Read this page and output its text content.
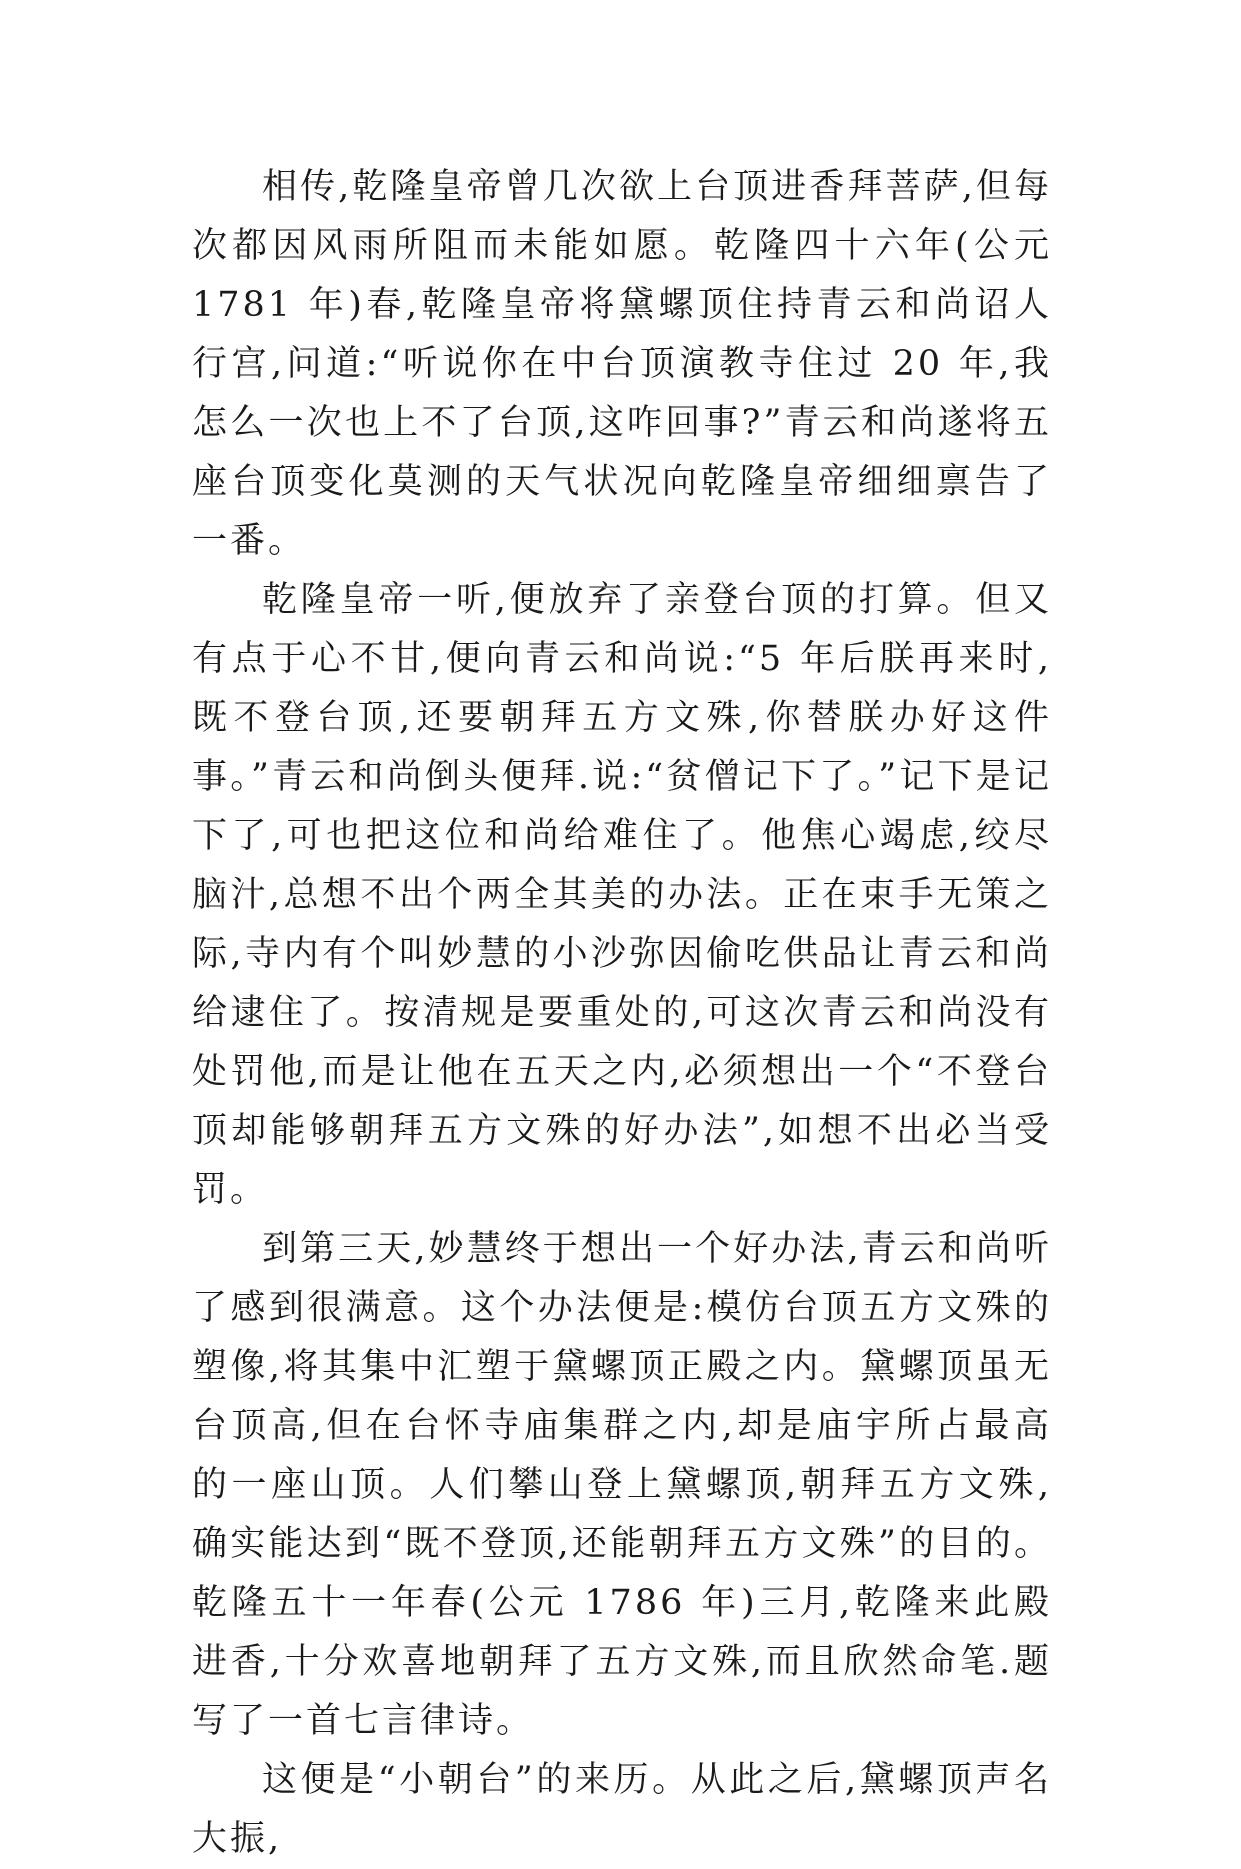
相传,乾隆皇帝曾几次欲上台顶进香拜菩萨,但每次都因风雨所阻而未能如愿。乾隆四十六年(公元 1781 年)春,乾隆皇帝将黛螺顶住持青云和尚诏人行宫,问道:“听说你在中台顶演教寺住过 20 年,我怎么一次也上不了台顶,这咋回事?”青云和尚遂将五座台顶变化莫测的天气状况向乾隆皇帝细细禀告了一番。

乾隆皇帝一听,便放弃了亲登台顶的打算。但又有点于心不甘,便向青云和尚说:“5 年后朕再来时,既不登台顶,还要朝拜五方文殊,你替朕办好这件事。”青云和尚倒头便拜.说:“贫僧记下了。”记下是记下了,可也把这位和尚给难住了。他焦心竭虑,绞尽脑汁,总想不出个两全其美的办法。正在束手无策之际,寺内有个叫妙慧的小沙弥因偷吃供品让青云和尚给逮住了。按清规是要重处的,可这次青云和尚没有处罚他,而是让他在五天之内,必须想出一个“不登台顶却能够朝拜五方文殊的好办法”,如想不出必当受罚。

到第三天,妙慧终于想出一个好办法,青云和尚听了感到很满意。这个办法便是:模仿台顶五方文殊的塑像,将其集中汇塑于黛螺顶正殿之内。黛螺顶虽无台顶高,但在台怀寺庙集群之内,却是庙宇所占最高的一座山顶。人们攀山登上黛螺顶,朝拜五方文殊,确实能达到“既不登顶,还能朝拜五方文殊”的目的。乾隆五十一年春(公元 1786 年)三月,乾隆来此殿进香,十分欢喜地朝拜了五方文殊,而且欣然命笔.题写了一首七言律诗。

这便是“小朝台”的来历。从此之后,黛螺顶声名大振,
